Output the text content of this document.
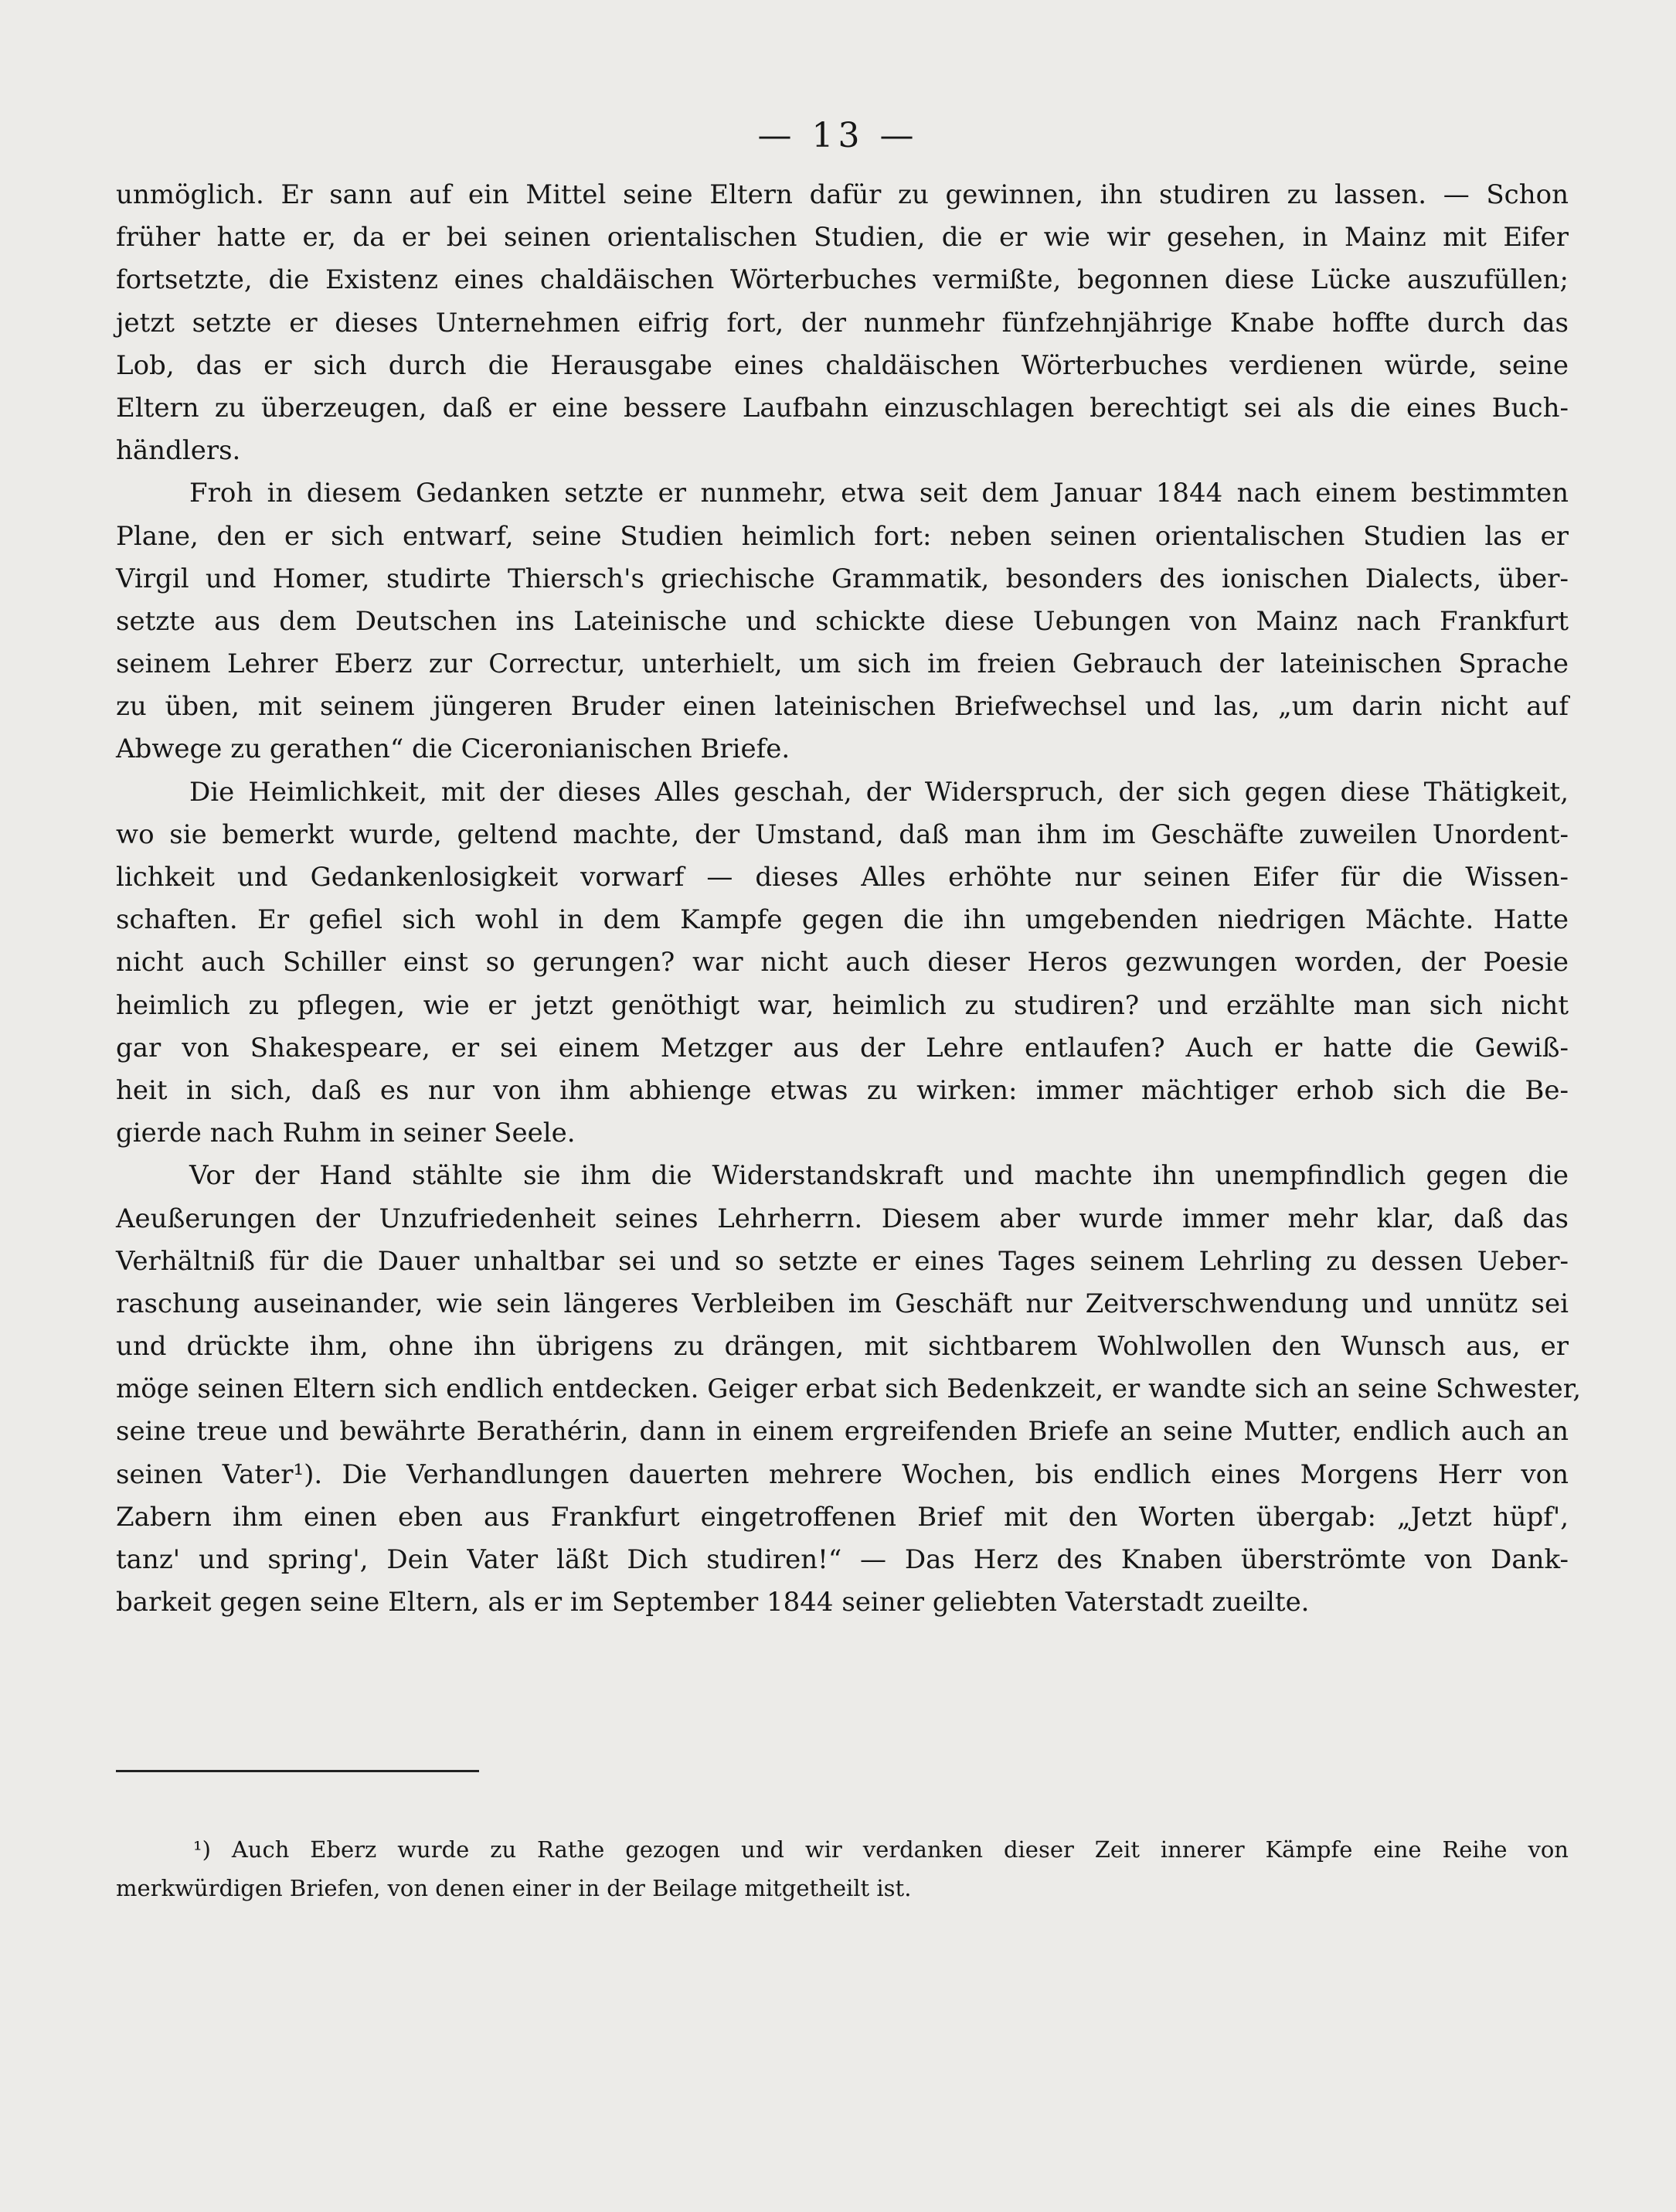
— 13 —
unmöglich. Er sann auf ein Mittel seine Eltern dafür zu gewinnen, ihn studiren zu lassen. — Schon
früher hatte er, da er bei seinen orientalischen Studien, die er wie wir gesehen, in Mainz mit Eifer
fortsetzte, die Existenz eines chaldäischen Wörterbuches vermißte, begonnen diese Lücke auszufüllen;
jetzt setzte er dieses Unternehmen eifrig fort, der nunmehr fünfzehnjährige Knabe hoffte durch das
Lob, das er sich durch die Herausgabe eines chaldäischen Wörterbuches verdienen würde, seine
Eltern zu überzeugen, daß er eine bessere Laufbahn einzuschlagen berechtigt sei als die eines Buch-
händlers.
Froh in diesem Gedanken setzte er nunmehr, etwa seit dem Januar 1844 nach einem bestimmten
Plane, den er sich entwarf, seine Studien heimlich fort: neben seinen orientalischen Studien las er
Virgil und Homer, studirte Thiersch's griechische Grammatik, besonders des ionischen Dialects, über-
setzte aus dem Deutschen ins Lateinische und schickte diese Uebungen von Mainz nach Frankfurt
seinem Lehrer Eberz zur Correctur, unterhielt, um sich im freien Gebrauch der lateinischen Sprache
zu üben, mit seinem jüngeren Bruder einen lateinischen Briefwechsel und las, „um darin nicht auf
Abwege zu gerathen“ die Ciceronianischen Briefe.
Die Heimlichkeit, mit der dieses Alles geschah, der Widerspruch, der sich gegen diese Thätigkeit,
wo sie bemerkt wurde, geltend machte, der Umstand, daß man ihm im Geschäfte zuweilen Unordent-
lichkeit und Gedankenlosigkeit vorwarf — dieses Alles erhöhte nur seinen Eifer für die Wissen-
schaften. Er gefiel sich wohl in dem Kampfe gegen die ihn umgebenden niedrigen Mächte. Hatte
nicht auch Schiller einst so gerungen? war nicht auch dieser Heros gezwungen worden, der Poesie
heimlich zu pflegen, wie er jetzt genöthigt war, heimlich zu studiren? und erzählte man sich nicht
gar von Shakespeare, er sei einem Metzger aus der Lehre entlaufen? Auch er hatte die Gewiß-
heit in sich, daß es nur von ihm abhienge etwas zu wirken: immer mächtiger erhob sich die Be-
gierde nach Ruhm in seiner Seele.
Vor der Hand stählte sie ihm die Widerstandskraft und machte ihn unempfindlich gegen die
Aeußerungen der Unzufriedenheit seines Lehrherrn. Diesem aber wurde immer mehr klar, daß das
Verhältniß für die Dauer unhaltbar sei und so setzte er eines Tages seinem Lehrling zu dessen Ueber-
raschung auseinander, wie sein längeres Verbleiben im Geschäft nur Zeitverschwendung und unnütz sei
und drückte ihm, ohne ihn übrigens zu drängen, mit sichtbarem Wohlwollen den Wunsch aus, er
möge seinen Eltern sich endlich entdecken. Geiger erbat sich Bedenkzeit, er wandte sich an seine Schwester,
seine treue und bewährte Berathérin, dann in einem ergreifenden Briefe an seine Mutter, endlich auch an
seinen Vater¹). Die Verhandlungen dauerten mehrere Wochen, bis endlich eines Morgens Herr von
Zabern ihm einen eben aus Frankfurt eingetroffenen Brief mit den Worten übergab: „Jetzt hüpf',
tanz' und spring', Dein Vater läßt Dich studiren!“ — Das Herz des Knaben überströmte von Dank-
barkeit gegen seine Eltern, als er im September 1844 seiner geliebten Vaterstadt zueilte.
¹) Auch Eberz wurde zu Rathe gezogen und wir verdanken dieser Zeit innerer Kämpfe eine Reihe von
merkwürdigen Briefen, von denen einer in der Beilage mitgetheilt ist.
